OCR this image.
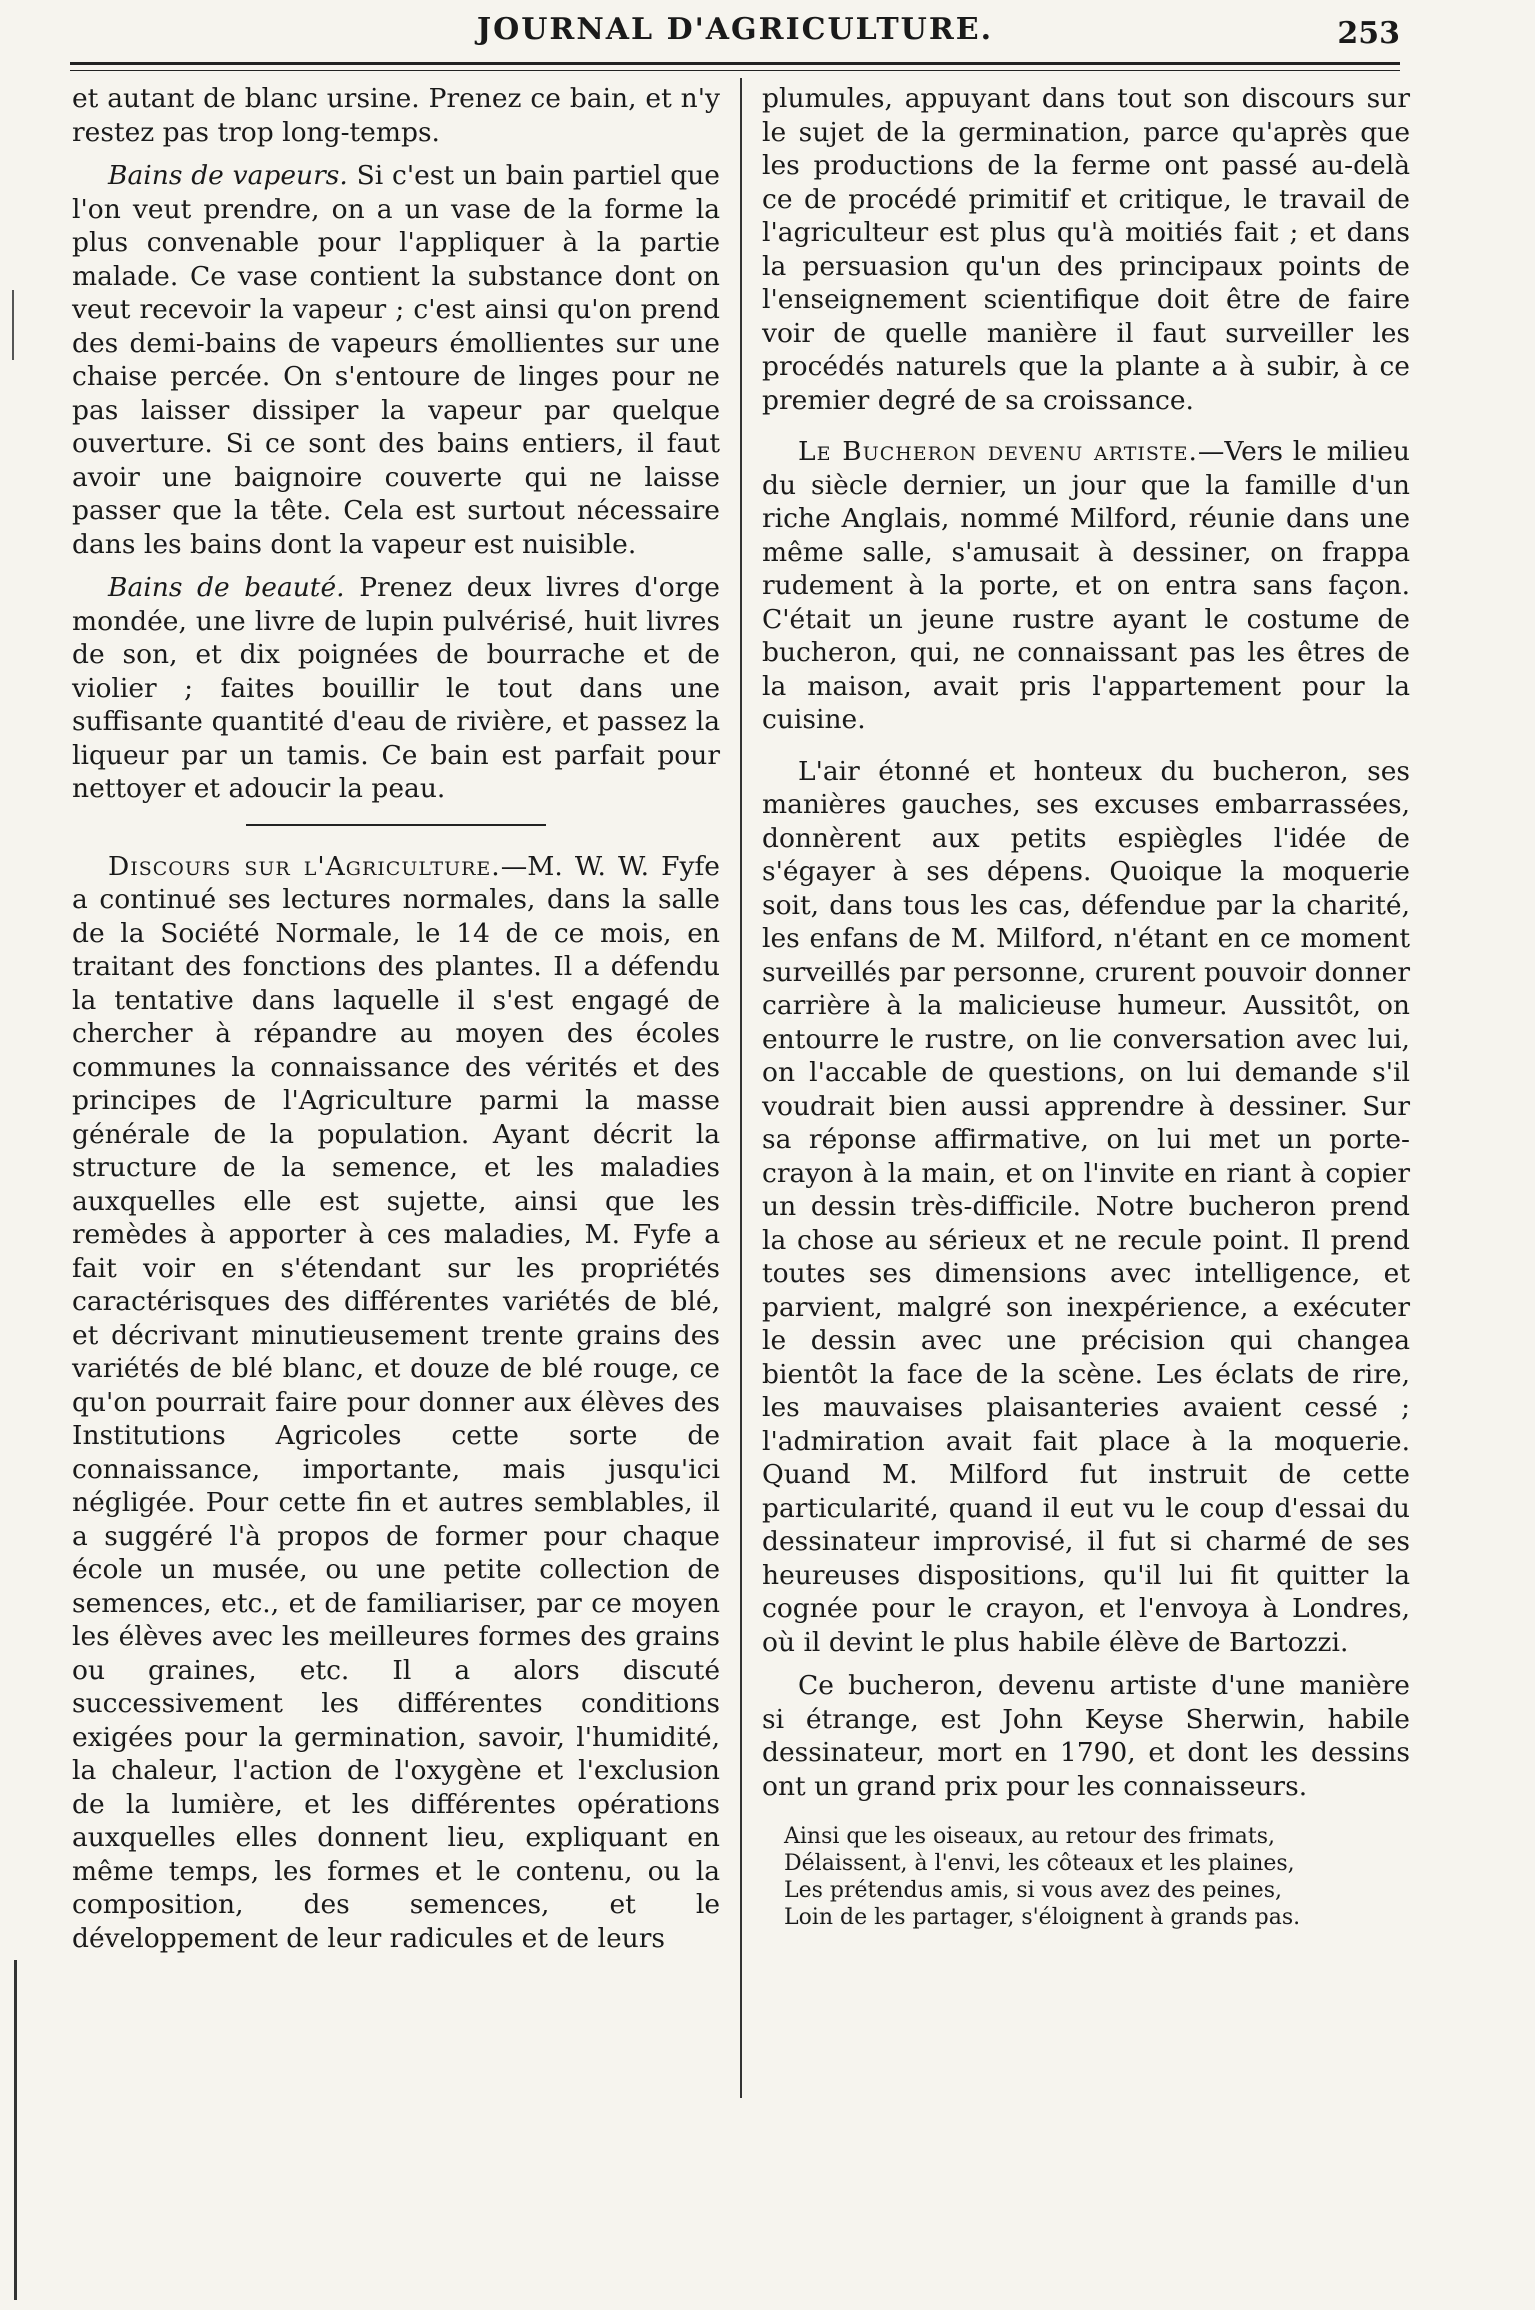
JOURNAL D'AGRICULTURE.	253

et autant de blanc ursine. Prenez ce bain, et n'y restez pas trop long-temps.

Bains de vapeurs. Si c'est un bain partiel que l'on veut prendre, on a un vase de la forme la plus convenable pour l'appliquer à la partie malade. Ce vase contient la substance dont on veut recevoir la vapeur ; c'est ainsi qu'on prend des demi-bains de vapeurs émollientes sur une chaise percée. On s'entoure de linges pour ne pas laisser dissiper la vapeur par quelque ouverture. Si ce sont des bains entiers, il faut avoir une baignoire couverte qui ne laisse passer que la tête. Cela est surtout nécessaire dans les bains dont la vapeur est nuisible.

Bains de beauté. Prenez deux livres d'orge mondée, une livre de lupin pulvérisé, huit livres de son, et dix poignées de bourrache et de violier ; faites bouillir le tout dans une suffisante quantité d'eau de rivière, et passez la liqueur par un tamis. Ce bain est parfait pour nettoyer et adoucir la peau.

Discours sur l'Agriculture.—M. W. W. Fyfe a continué ses lectures normales, dans la salle de la Société Normale, le 14 de ce mois, en traitant des fonctions des plantes. Il a défendu la tentative dans laquelle il s'est engagé de chercher à répandre au moyen des écoles communes la connaissance des vérités et des principes de l'Agriculture parmi la masse générale de la population. Ayant décrit la structure de la semence, et les maladies auxquelles elle est sujette, ainsi que les remèdes à apporter à ces maladies, M. Fyfe a fait voir en s'étendant sur les propriétés caractérisques des différentes variétés de blé, et décrivant minutieusement trente grains des variétés de blé blanc, et douze de blé rouge, ce qu'on pourrait faire pour donner aux élèves des Institutions Agricoles cette sorte de connaissance, importante, mais jusqu'ici négligée. Pour cette fin et autres semblables, il a suggéré l'à propos de former pour chaque école un musée, ou une petite collection de semences, etc., et de familiariser, par ce moyen les élèves avec les meilleures formes des grains ou graines, etc. Il a alors discuté successivement les différentes conditions exigées pour la germination, savoir, l'humidité, la chaleur, l'action de l'oxygène et l'exclusion de la lumière, et les différentes opérations auxquelles elles donnent lieu, expliquant en même temps, les formes et le contenu, ou la composition, des semences, et le développement de leur radicules et de leurs

plumules, appuyant dans tout son discours sur le sujet de la germination, parce qu'après que les productions de la ferme ont passé au-delà ce de procédé primitif et critique, le travail de l'agriculteur est plus qu'à moitiés fait ; et dans la persuasion qu'un des principaux points de l'enseignement scientifique doit être de faire voir de quelle manière il faut surveiller les procédés naturels que la plante a à subir, à ce premier degré de sa croissance.

Le Bucheron devenu artiste.—Vers le milieu du siècle dernier, un jour que la famille d'un riche Anglais, nommé Milford, réunie dans une même salle, s'amusait à dessiner, on frappa rudement à la porte, et on entra sans façon. C'était un jeune rustre ayant le costume de bucheron, qui, ne connaissant pas les êtres de la maison, avait pris l'appartement pour la cuisine.

L'air étonné et honteux du bucheron, ses manières gauches, ses excuses embarrassées, donnèrent aux petits espiègles l'idée de s'égayer à ses dépens. Quoique la moquerie soit, dans tous les cas, défendue par la charité, les enfans de M. Milford, n'étant en ce moment surveillés par personne, crurent pouvoir donner carrière à la malicieuse humeur. Aussitôt, on entourre le rustre, on lie conversation avec lui, on l'accable de questions, on lui demande s'il voudrait bien aussi apprendre à dessiner. Sur sa réponse affirmative, on lui met un porte-crayon à la main, et on l'invite en riant à copier un dessin très-difficile. Notre bucheron prend la chose au sérieux et ne recule point. Il prend toutes ses dimensions avec intelligence, et parvient, malgré son inexpérience, a exécuter le dessin avec une précision qui changea bientôt la face de la scène. Les éclats de rire, les mauvaises plaisanteries avaient cessé ; l'admiration avait fait place à la moquerie. Quand M. Milford fut instruit de cette particularité, quand il eut vu le coup d'essai du dessinateur improvisé, il fut si charmé de ses heureuses dispositions, qu'il lui fit quitter la cognée pour le crayon, et l'envoya à Londres, où il devint le plus habile élève de Bartozzi.

Ce bucheron, devenu artiste d'une manière si étrange, est John Keyse Sherwin, habile dessinateur, mort en 1790, et dont les dessins ont un grand prix pour les connaisseurs.

Ainsi que les oiseaux, au retour des frimats,
Délaissent, à l'envi, les côteaux et les plaines,
Les prétendus amis, si vous avez des peines,
Loin de les partager, s'éloignent à grands pas.
